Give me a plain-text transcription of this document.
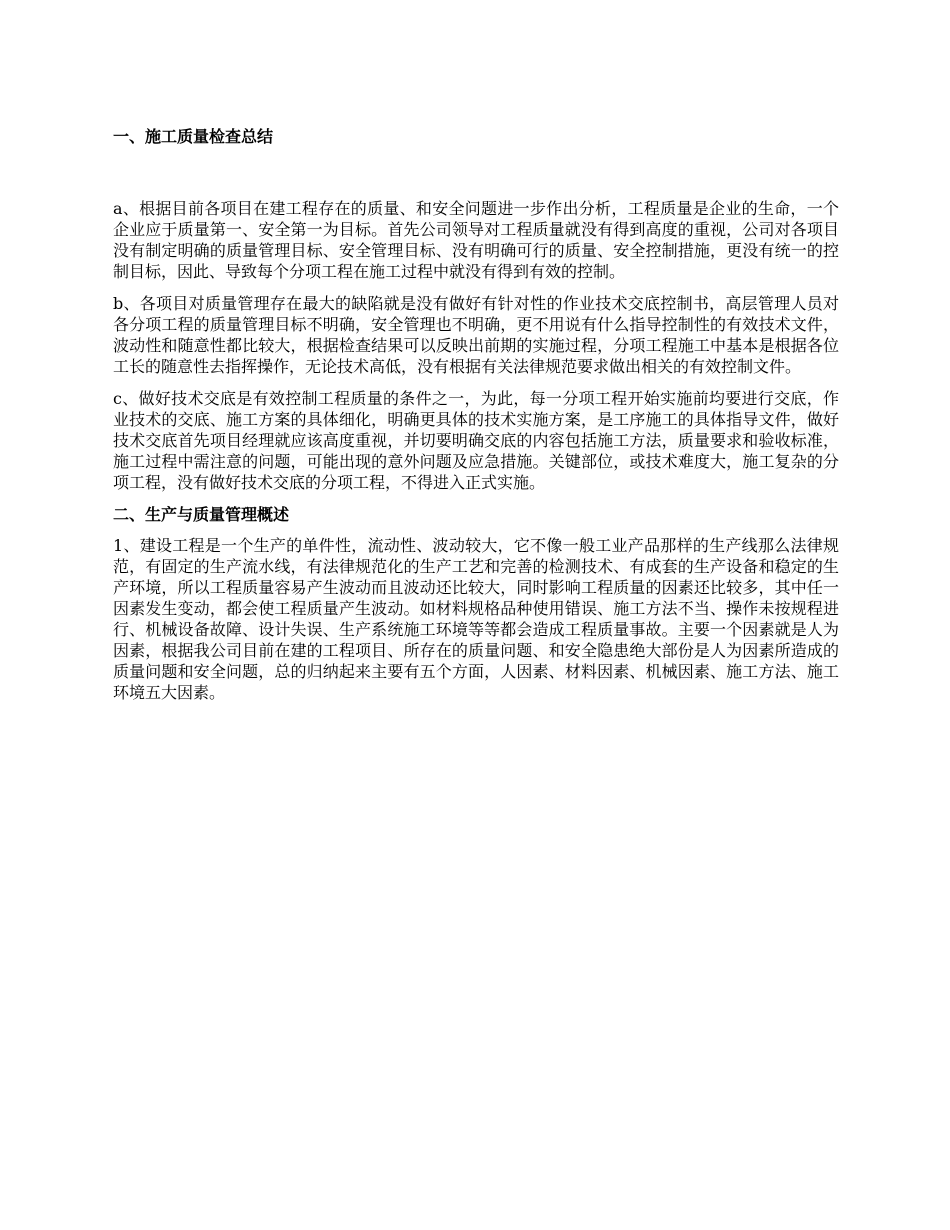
一、施工质量检查总结

a、根据目前各项目在建工程存在的质量、和安全问题进一步作出分析，工程质量是企业的生命，一个企业应于质量第一、安全第一为目标。首先公司领导对工程质量就没有得到高度的重视，公司对各项目没有制定明确的质量管理目标、安全管理目标、没有明确可行的质量、安全控制措施，更没有统一的控制目标，因此、导致每个分项工程在施工过程中就没有得到有效的控制。

b、各项目对质量管理存在最大的缺陷就是没有做好有针对性的作业技术交底控制书，高层管理人员对各分项工程的质量管理目标不明确，安全管理也不明确，更不用说有什么指导控制性的有效技术文件，波动性和随意性都比较大，根据检查结果可以反映出前期的实施过程，分项工程施工中基本是根据各位工长的随意性去指挥操作，无论技术高低，没有根据有关法律规范要求做出相关的有效控制文件。

c、做好技术交底是有效控制工程质量的条件之一，为此，每一分项工程开始实施前均要进行交底，作业技术的交底、施工方案的具体细化，明确更具体的技术实施方案，是工序施工的具体指导文件，做好技术交底首先项目经理就应该高度重视，并切要明确交底的内容包括施工方法，质量要求和验收标准，施工过程中需注意的问题，可能出现的意外问题及应急措施。关键部位，或技术难度大，施工复杂的分项工程，没有做好技术交底的分项工程，不得进入正式实施。

二、生产与质量管理概述

1、建设工程是一个生产的单件性，流动性、波动较大，它不像一般工业产品那样的生产线那么法律规范，有固定的生产流水线，有法律规范化的生产工艺和完善的检测技术、有成套的生产设备和稳定的生产环境，所以工程质量容易产生波动而且波动还比较大，同时影响工程质量的因素还比较多，其中任一因素发生变动，都会使工程质量产生波动。如材料规格品种使用错误、施工方法不当、操作未按规程进行、机械设备故障、设计失误、生产系统施工环境等等都会造成工程质量事故。主要一个因素就是人为因素，根据我公司目前在建的工程项目、所存在的质量问题、和安全隐患绝大部份是人为因素所造成的质量问题和安全问题，总的归纳起来主要有五个方面，人因素、材料因素、机械因素、施工方法、施工环境五大因素。
